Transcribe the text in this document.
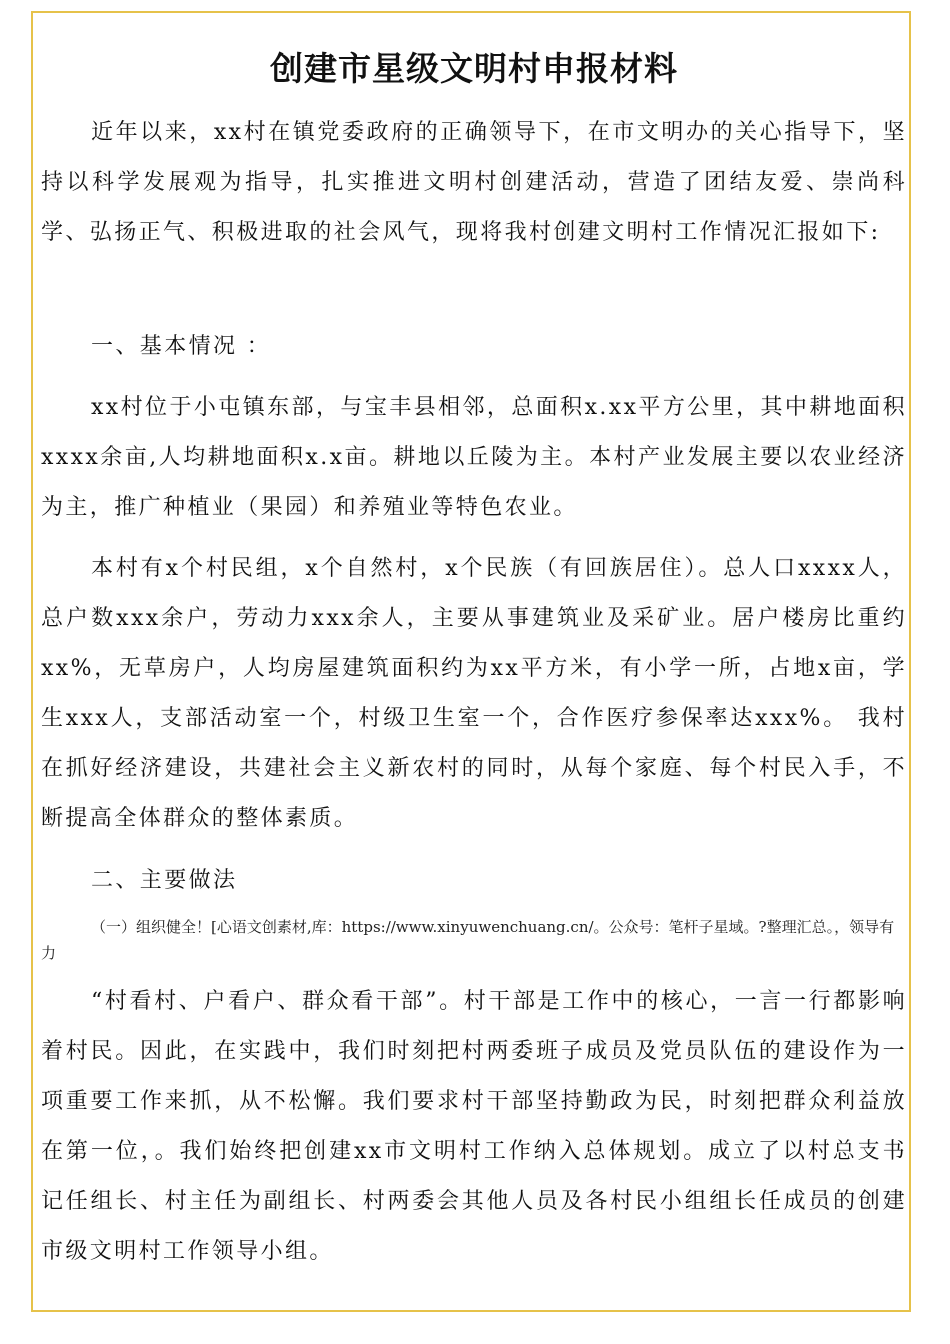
创建市星级文明村申报材料

近年以来，xx村在镇党委政府的正确领导下，在市文明办的关心指导下，坚持以科学发展观为指导，扎实推进文明村创建活动，营造了团结友爱、崇尚科学、弘扬正气、积极进取的社会风气，现将我村创建文明村工作情况汇报如下:

一、基本情况 ：

xx村位于小屯镇东部，与宝丰县相邻，总面积x.xx平方公里，其中耕地面积xxxx余亩,人均耕地面积x.x亩。耕地以丘陵为主。本村产业发展主要以农业经济为主，推广种植业（果园）和养殖业等特色农业。

本村有x个村民组，x个自然村，x个民族（有回族居住）。总人口xxxx人，总户数xxx余户，劳动力xxx余人，主要从事建筑业及采矿业。居户楼房比重约xx%，无草房户，人均房屋建筑面积约为xx平方米，有小学一所，占地x亩，学生xxx人，支部活动室一个，村级卫生室一个，合作医疗参保率达xxx%。 我村在抓好经济建设，共建社会主义新农村的同时，从每个家庭、每个村民入手，不断提高全体群众的整体素质。

二、主要做法

（一）组织健全！[心语文创素材,库：https://www.xinyuwenchuang.cn/。公众号：笔杆子星域。?整理汇总。，领导有力

“村看村、户看户、群众看干部”。村干部是工作中的核心，一言一行都影响着村民。因此，在实践中，我们时刻把村两委班子成员及党员队伍的建设作为一项重要工作来抓，从不松懈。我们要求村干部坚持勤政为民，时刻把群众利益放在第一位，。我们始终把创建xx市文明村工作纳入总体规划。成立了以村总支书记任组长、村主任为副组长、村两委会其他人员及各村民小组组长任成员的创建市级文明村工作领导小组。
